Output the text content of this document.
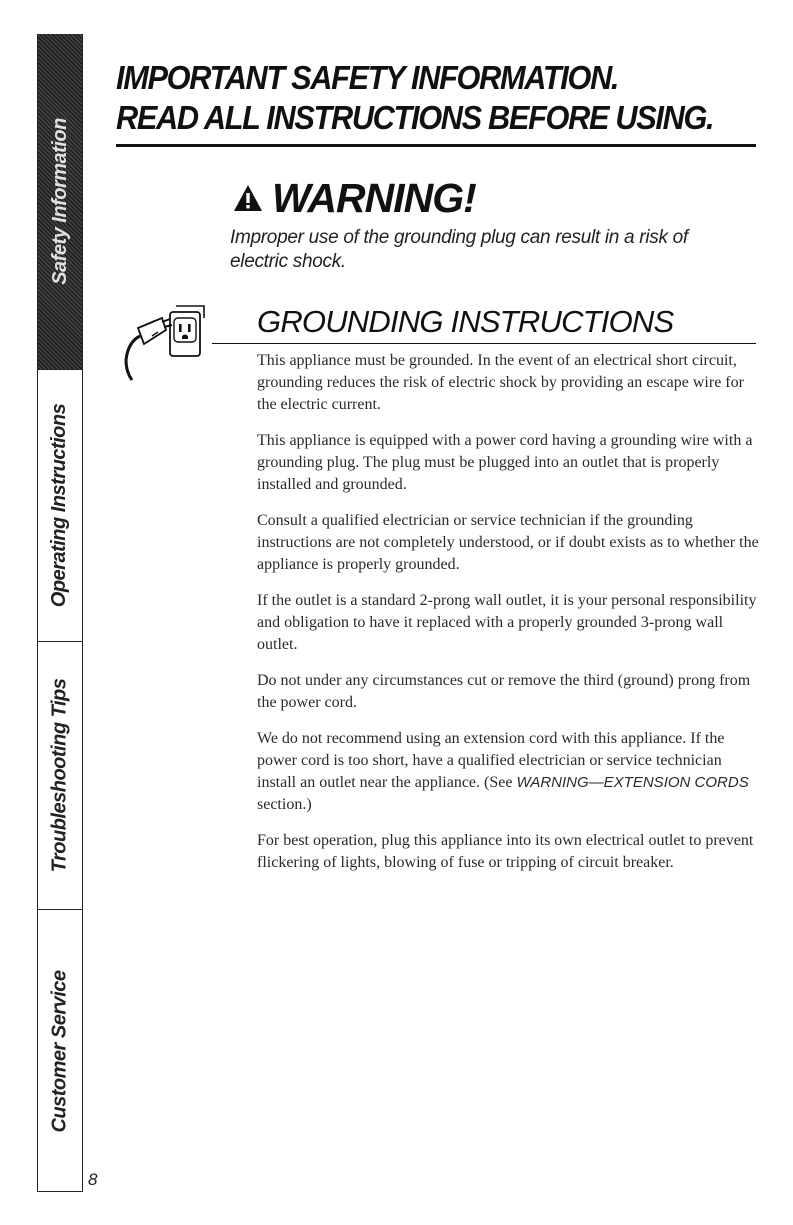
Safety Information
Operating Instructions
Troubleshooting Tips
Customer Service
8
IMPORTANT SAFETY INFORMATION.
READ ALL INSTRUCTIONS BEFORE USING.
WARNING!
Improper use of the grounding plug can result in a risk of electric shock.
GROUNDING INSTRUCTIONS

This appliance must be grounded. In the event of an electrical short circuit, grounding reduces the risk of electric shock by providing an escape wire for the electric current.

This appliance is equipped with a power cord having a grounding wire with a grounding plug. The plug must be plugged into an outlet that is properly installed and grounded.

Consult a qualified electrician or service technician if the grounding instructions are not completely understood, or if doubt exists as to whether the appliance is properly grounded.

If the outlet is a standard 2-prong wall outlet, it is your personal responsibility and obligation to have it replaced with a properly grounded 3-prong wall outlet.

Do not under any circumstances cut or remove the third (ground) prong from the power cord.

We do not recommend using an extension cord with this appliance. If the power cord is too short, have a qualified electrician or service technician install an outlet near the appliance. (See WARNING—EXTENSION CORDS section.)

For best operation, plug this appliance into its own electrical outlet to prevent flickering of lights, blowing of fuse or tripping of circuit breaker.
